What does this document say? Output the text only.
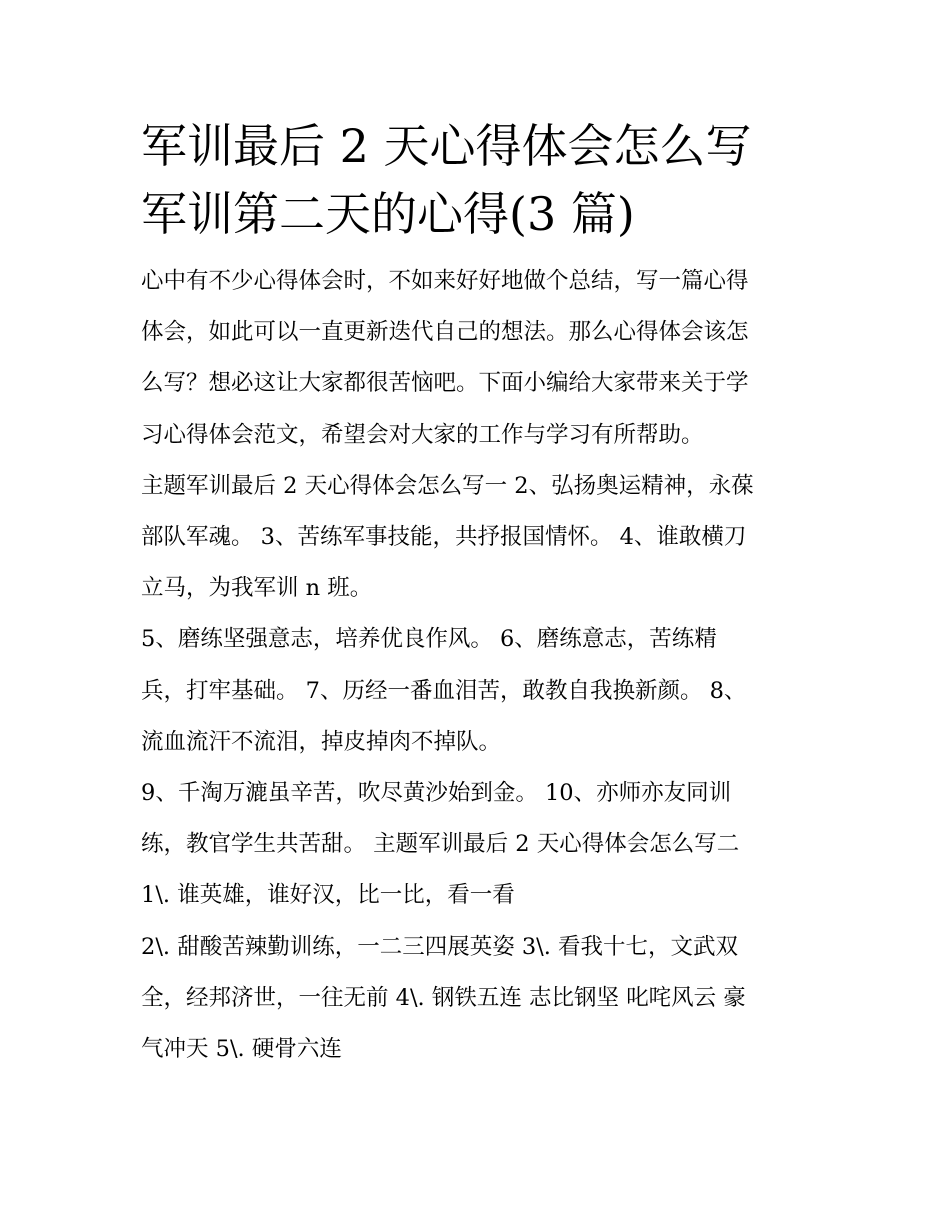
军训最后 2 天心得体会怎么写
军训第二天的心得(3 篇)
心中有不少心得体会时，不如来好好地做个总结，写一篇心得
体会，如此可以一直更新迭代自己的想法。那么心得体会该怎
么写？想必这让大家都很苦恼吧。下面小编给大家带来关于学
习心得体会范文，希望会对大家的工作与学习有所帮助。
主题军训最后 2 天心得体会怎么写一 2、弘扬奥运精神，永葆
部队军魂。 3、苦练军事技能，共抒报国情怀。 4、谁敢横刀
立马，为我军训 n 班。
5、磨练坚强意志，培养优良作风。 6、磨练意志，苦练精
兵，打牢基础。 7、历经一番血泪苦，敢教自我换新颜。 8、
流血流汗不流泪，掉皮掉肉不掉队。
9、千淘万漉虽辛苦，吹尽黄沙始到金。 10、亦师亦友同训
练，教官学生共苦甜。 主题军训最后 2 天心得体会怎么写二
1\. 谁英雄，谁好汉，比一比，看一看
2\. 甜酸苦辣勤训练，一二三四展英姿 3\. 看我十七，文武双
全，经邦济世，一往无前 4\. 钢铁五连 志比钢坚 叱咤风云 豪
气冲天 5\. 硬骨六连
